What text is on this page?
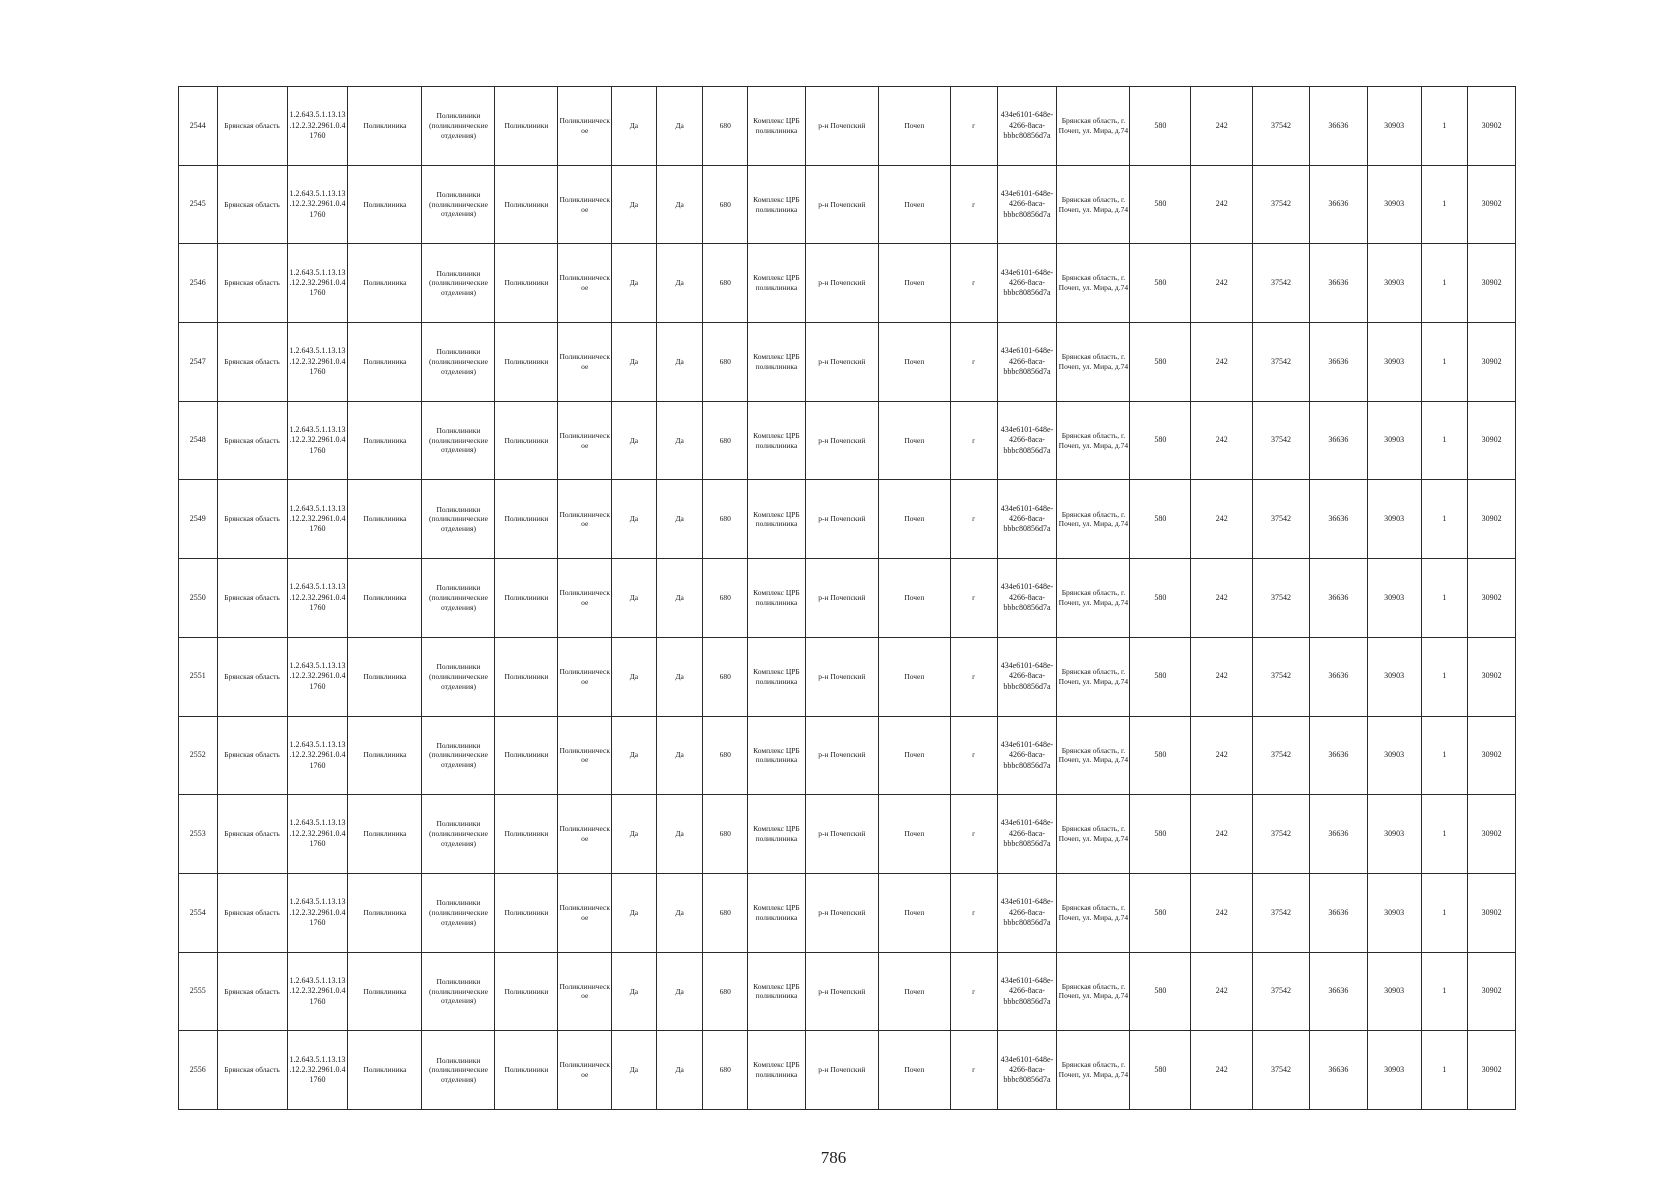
2544	Брянская область	1.2.643.5.1.13.13.12.2.32.2961.0.41760	Поликлиника	Поликлиники (поликлинические отделения)	Поликлиники	Поликлиническое	Да	Да	680	Комплекс ЦРБ поликлиника	р-н Почепский	Почеп	г	434e6101-648e-4266-8aca-bbbc80856d7a	Брянская область, г. Почеп, ул. Мира, д.74	580	242	37542	36636	30903	1	30902
2545	Брянская область	1.2.643.5.1.13.13.12.2.32.2961.0.41760	Поликлиника	Поликлиники (поликлинические отделения)	Поликлиники	Поликлиническое	Да	Да	680	Комплекс ЦРБ поликлиника	р-н Почепский	Почеп	г	434e6101-648e-4266-8aca-bbbc80856d7a	Брянская область, г. Почеп, ул. Мира, д.74	580	242	37542	36636	30903	1	30902
2546	Брянская область	1.2.643.5.1.13.13.12.2.32.2961.0.41760	Поликлиника	Поликлиники (поликлинические отделения)	Поликлиники	Поликлиническое	Да	Да	680	Комплекс ЦРБ поликлиника	р-н Почепский	Почеп	г	434e6101-648e-4266-8aca-bbbc80856d7a	Брянская область, г. Почеп, ул. Мира, д.74	580	242	37542	36636	30903	1	30902
2547	Брянская область	1.2.643.5.1.13.13.12.2.32.2961.0.41760	Поликлиника	Поликлиники (поликлинические отделения)	Поликлиники	Поликлиническое	Да	Да	680	Комплекс ЦРБ поликлиника	р-н Почепский	Почеп	г	434e6101-648e-4266-8aca-bbbc80856d7a	Брянская область, г. Почеп, ул. Мира, д.74	580	242	37542	36636	30903	1	30902
2548	Брянская область	1.2.643.5.1.13.13.12.2.32.2961.0.41760	Поликлиника	Поликлиники (поликлинические отделения)	Поликлиники	Поликлиническое	Да	Да	680	Комплекс ЦРБ поликлиника	р-н Почепский	Почеп	г	434e6101-648e-4266-8aca-bbbc80856d7a	Брянская область, г. Почеп, ул. Мира, д.74	580	242	37542	36636	30903	1	30902
2549	Брянская область	1.2.643.5.1.13.13.12.2.32.2961.0.41760	Поликлиника	Поликлиники (поликлинические отделения)	Поликлиники	Поликлиническое	Да	Да	680	Комплекс ЦРБ поликлиника	р-н Почепский	Почеп	г	434e6101-648e-4266-8aca-bbbc80856d7a	Брянская область, г. Почеп, ул. Мира, д.74	580	242	37542	36636	30903	1	30902
2550	Брянская область	1.2.643.5.1.13.13.12.2.32.2961.0.41760	Поликлиника	Поликлиники (поликлинические отделения)	Поликлиники	Поликлиническое	Да	Да	680	Комплекс ЦРБ поликлиника	р-н Почепский	Почеп	г	434e6101-648e-4266-8aca-bbbc80856d7a	Брянская область, г. Почеп, ул. Мира, д.74	580	242	37542	36636	30903	1	30902
2551	Брянская область	1.2.643.5.1.13.13.12.2.32.2961.0.41760	Поликлиника	Поликлиники (поликлинические отделения)	Поликлиники	Поликлиническое	Да	Да	680	Комплекс ЦРБ поликлиника	р-н Почепский	Почеп	г	434e6101-648e-4266-8aca-bbbc80856d7a	Брянская область, г. Почеп, ул. Мира, д.74	580	242	37542	36636	30903	1	30902
2552	Брянская область	1.2.643.5.1.13.13.12.2.32.2961.0.41760	Поликлиника	Поликлиники (поликлинические отделения)	Поликлиники	Поликлиническое	Да	Да	680	Комплекс ЦРБ поликлиника	р-н Почепский	Почеп	г	434e6101-648e-4266-8aca-bbbc80856d7a	Брянская область, г. Почеп, ул. Мира, д.74	580	242	37542	36636	30903	1	30902
2553	Брянская область	1.2.643.5.1.13.13.12.2.32.2961.0.41760	Поликлиника	Поликлиники (поликлинические отделения)	Поликлиники	Поликлиническое	Да	Да	680	Комплекс ЦРБ поликлиника	р-н Почепский	Почеп	г	434e6101-648e-4266-8aca-bbbc80856d7a	Брянская область, г. Почеп, ул. Мира, д.74	580	242	37542	36636	30903	1	30902
2554	Брянская область	1.2.643.5.1.13.13.12.2.32.2961.0.41760	Поликлиника	Поликлиники (поликлинические отделения)	Поликлиники	Поликлиническое	Да	Да	680	Комплекс ЦРБ поликлиника	р-н Почепский	Почеп	г	434e6101-648e-4266-8aca-bbbc80856d7a	Брянская область, г. Почеп, ул. Мира, д.74	580	242	37542	36636	30903	1	30902
2555	Брянская область	1.2.643.5.1.13.13.12.2.32.2961.0.41760	Поликлиника	Поликлиники (поликлинические отделения)	Поликлиники	Поликлиническое	Да	Да	680	Комплекс ЦРБ поликлиника	р-н Почепский	Почеп	г	434e6101-648e-4266-8aca-bbbc80856d7a	Брянская область, г. Почеп, ул. Мира, д.74	580	242	37542	36636	30903	1	30902
2556	Брянская область	1.2.643.5.1.13.13.12.2.32.2961.0.41760	Поликлиника	Поликлиники (поликлинические отделения)	Поликлиники	Поликлиническое	Да	Да	680	Комплекс ЦРБ поликлиника	р-н Почепский	Почеп	г	434e6101-648e-4266-8aca-bbbc80856d7a	Брянская область, г. Почеп, ул. Мира, д.74	580	242	37542	36636	30903	1	30902
786
